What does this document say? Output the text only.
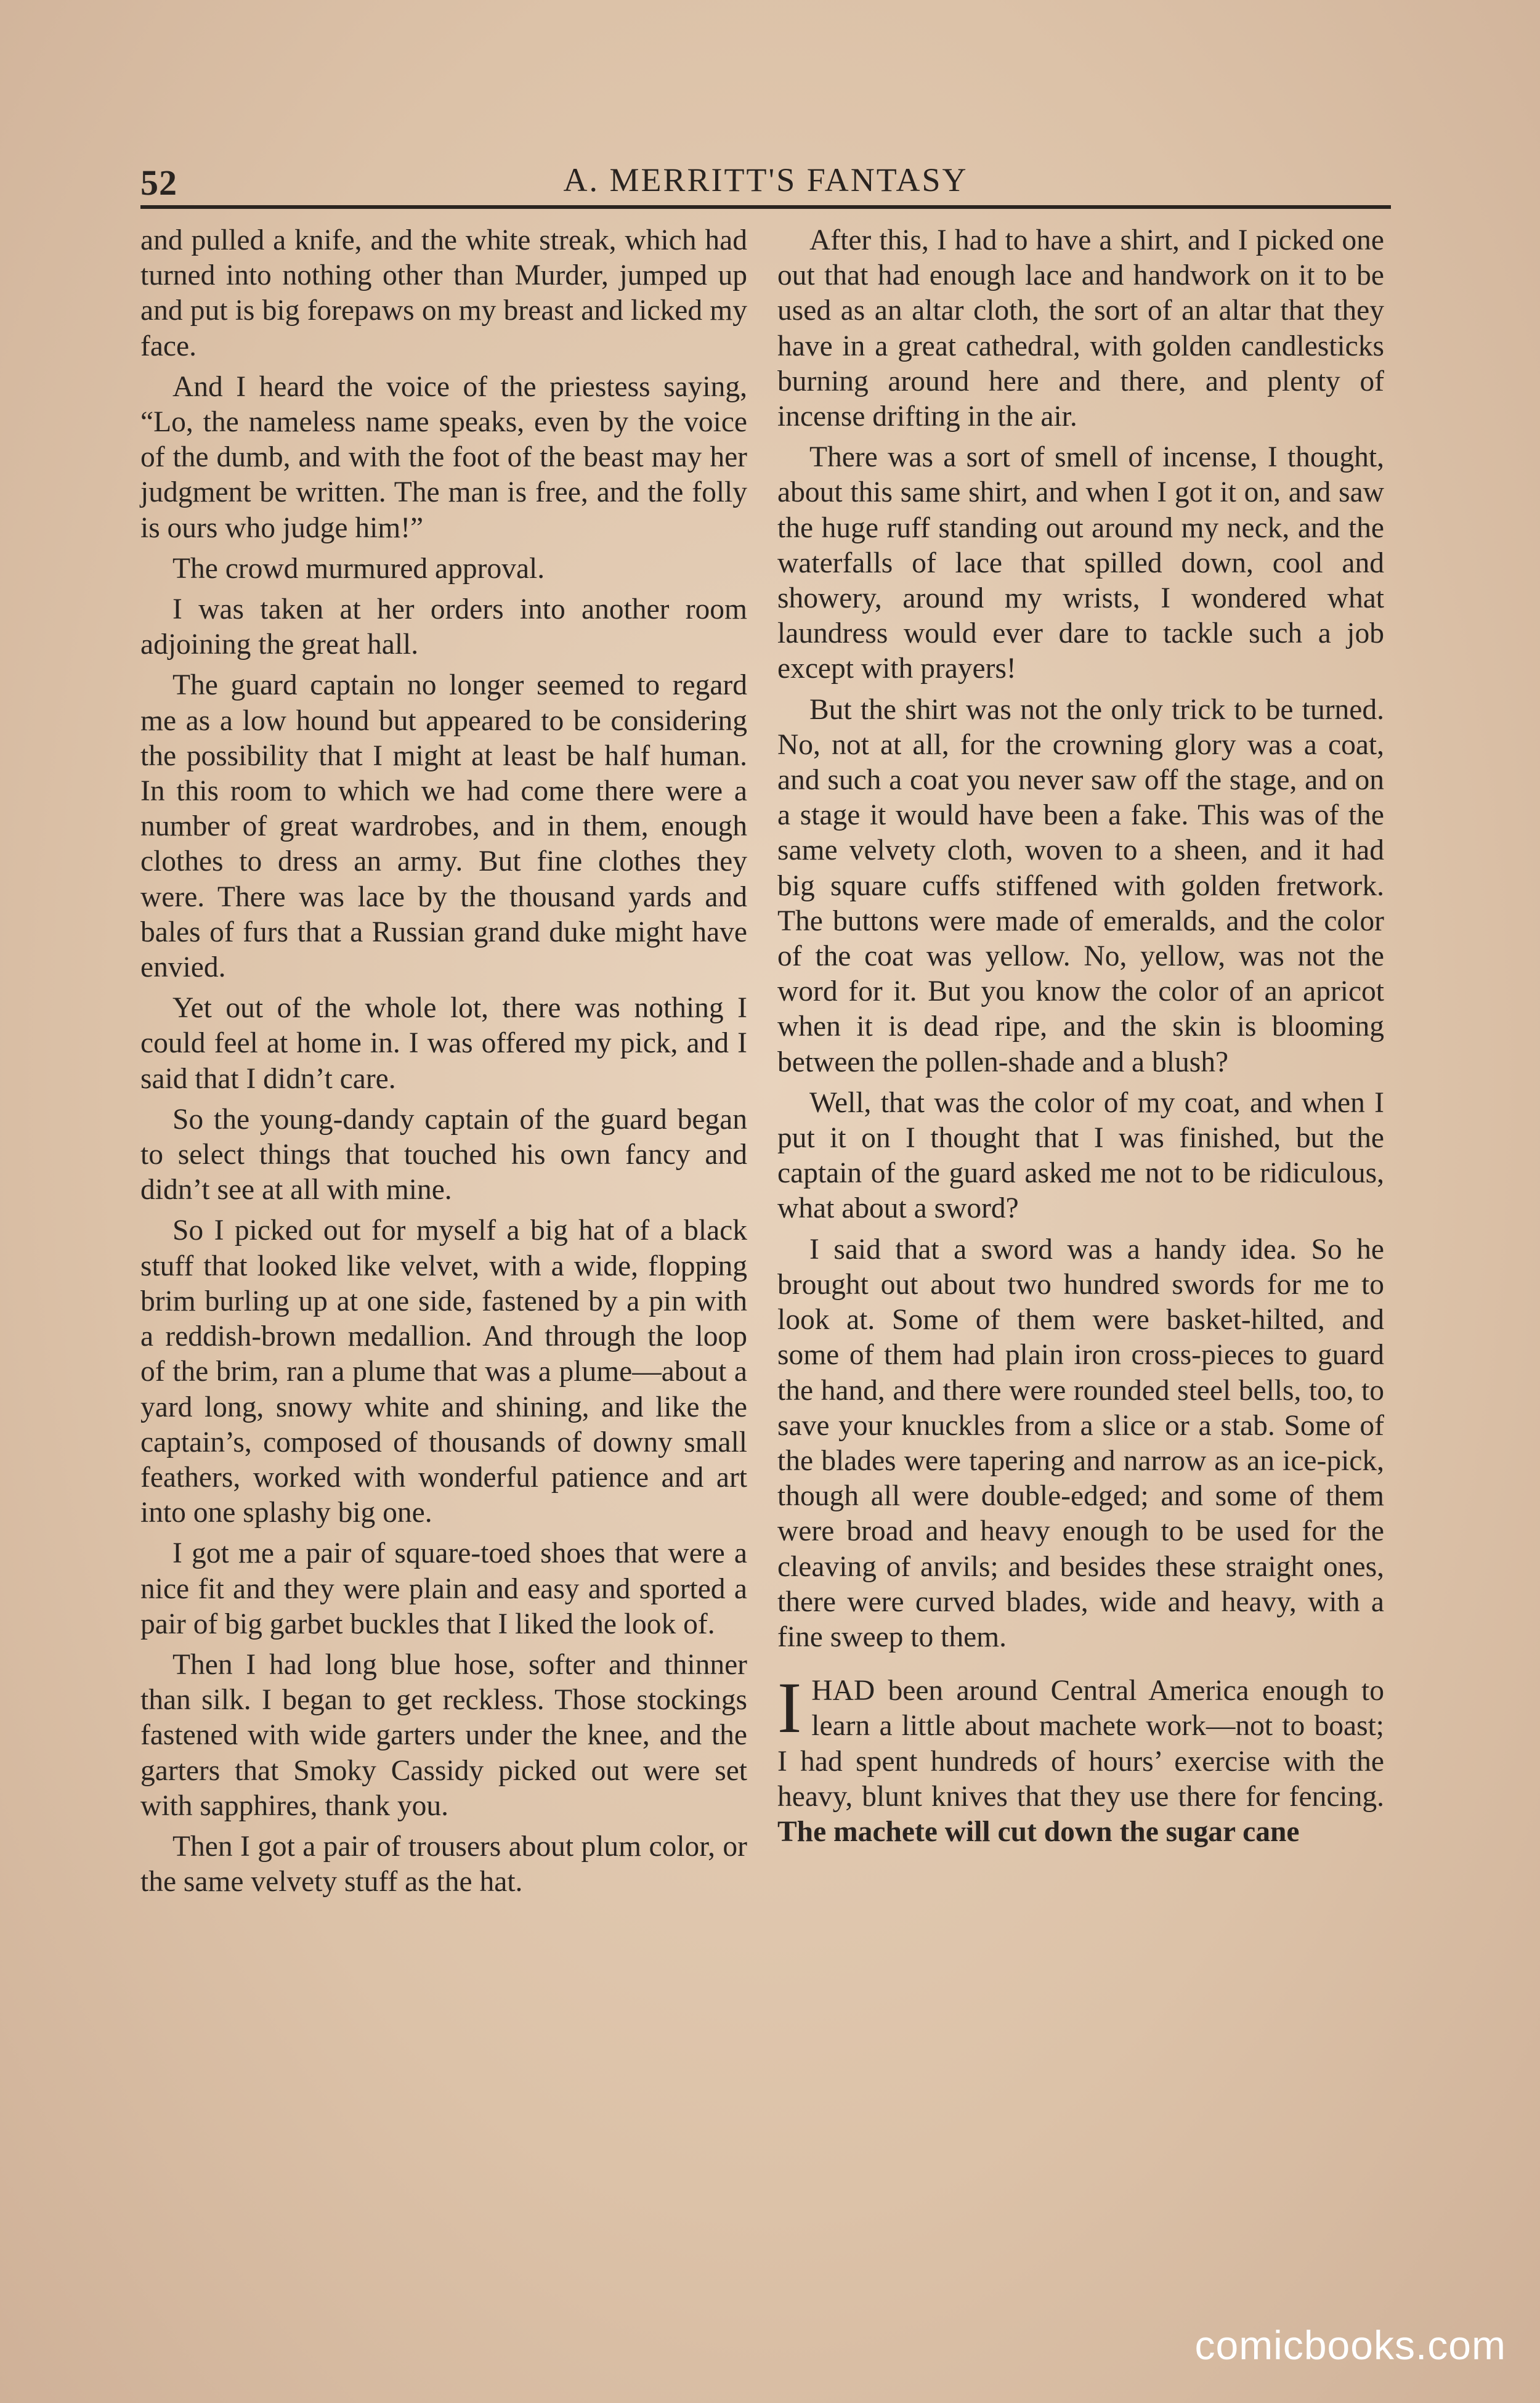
52	A. MERRITT'S FANTASY

and pulled a knife, and the white streak, which had turned into nothing other than Murder, jumped up and put is big forepaws on my breast and licked my face.

And I heard the voice of the priestess saying, “Lo, the nameless name speaks, even by the voice of the dumb, and with the foot of the beast may her judgment be written. The man is free, and the folly is ours who judge him!”

The crowd murmured approval.

I was taken at her orders into another room adjoining the great hall.

The guard captain no longer seemed to regard me as a low hound but appeared to be considering the possibility that I might at least be half human. In this room to which we had come there were a number of great wardrobes, and in them, enough clothes to dress an army. But fine clothes they were. There was lace by the thousand yards and bales of furs that a Russian grand duke might have envied.

Yet out of the whole lot, there was nothing I could feel at home in. I was offered my pick, and I said that I didn’t care.

So the young-dandy captain of the guard began to select things that touched his own fancy and didn’t see at all with mine.

So I picked out for myself a big hat of a black stuff that looked like velvet, with a wide, flopping brim burling up at one side, fastened by a pin with a reddish-brown medallion. And through the loop of the brim, ran a plume that was a plume—about a yard long, snowy white and shining, and like the captain’s, composed of thousands of downy small feathers, worked with wonderful patience and art into one splashy big one.

I got me a pair of square-toed shoes that were a nice fit and they were plain and easy and sported a pair of big garbet buckles that I liked the look of.

Then I had long blue hose, softer and thinner than silk. I began to get reckless. Those stockings fastened with wide garters under the knee, and the garters that Smoky Cassidy picked out were set with sapphires, thank you.

Then I got a pair of trousers about plum color, or the same velvety stuff as the hat.

After this, I had to have a shirt, and I picked one out that had enough lace and handwork on it to be used as an altar cloth, the sort of an altar that they have in a great cathedral, with golden candlesticks burning around here and there, and plenty of incense drifting in the air.

There was a sort of smell of incense, I thought, about this same shirt, and when I got it on, and saw the huge ruff standing out around my neck, and the waterfalls of lace that spilled down, cool and showery, around my wrists, I wondered what laundress would ever dare to tackle such a job except with prayers!

But the shirt was not the only trick to be turned. No, not at all, for the crowning glory was a coat, and such a coat you never saw off the stage, and on a stage it would have been a fake. This was of the same velvety cloth, woven to a sheen, and it had big square cuffs stiffened with golden fretwork. The buttons were made of emeralds, and the color of the coat was yellow. No, yellow, was not the word for it. But you know the color of an apricot when it is dead ripe, and the skin is blooming between the pollen-shade and a blush?

Well, that was the color of my coat, and when I put it on I thought that I was finished, but the captain of the guard asked me not to be ridiculous, what about a sword?

I said that a sword was a handy idea. So he brought out about two hundred swords for me to look at. Some of them were basket-hilted, and some of them had plain iron cross-pieces to guard the hand, and there were rounded steel bells, too, to save your knuckles from a slice or a stab. Some of the blades were tapering and narrow as an ice-pick, though all were double-edged; and some of them were broad and heavy enough to be used for the cleaving of anvils; and besides these straight ones, there were curved blades, wide and heavy, with a fine sweep to them.

IHAD been around Central America enough to learn a little about machete work—not to boast; I had spent hundreds of hours’ exercise with the heavy, blunt knives that they use there for fencing. The machete will cut down the sugar cane

comicbooks.com
